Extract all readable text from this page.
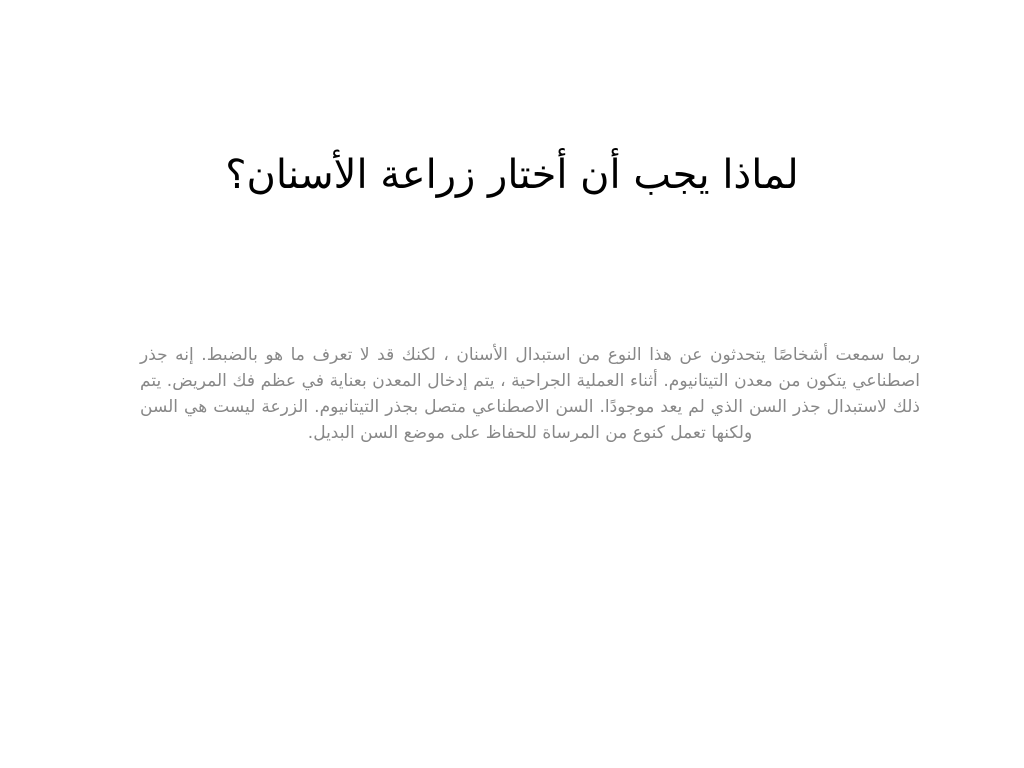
لماذا يجب أن أختار زراعة الأسنان؟

ربما سمعت أشخاصًا يتحدثون عن هذا النوع من استبدال الأسنان ، لكنك قد لا تعرف ما هو بالضبط. إنه جذر اصطناعي يتكون من معدن التيتانيوم. أثناء العملية الجراحية ، يتم إدخال المعدن بعناية في عظم فك المريض. يتم ذلك لاستبدال جذر السن الذي لم يعد موجودًا. السن الاصطناعي متصل بجذر التيتانيوم. الزرعة ليست هي السن ولكنها تعمل كنوع من المرساة للحفاظ على موضع السن البديل.
